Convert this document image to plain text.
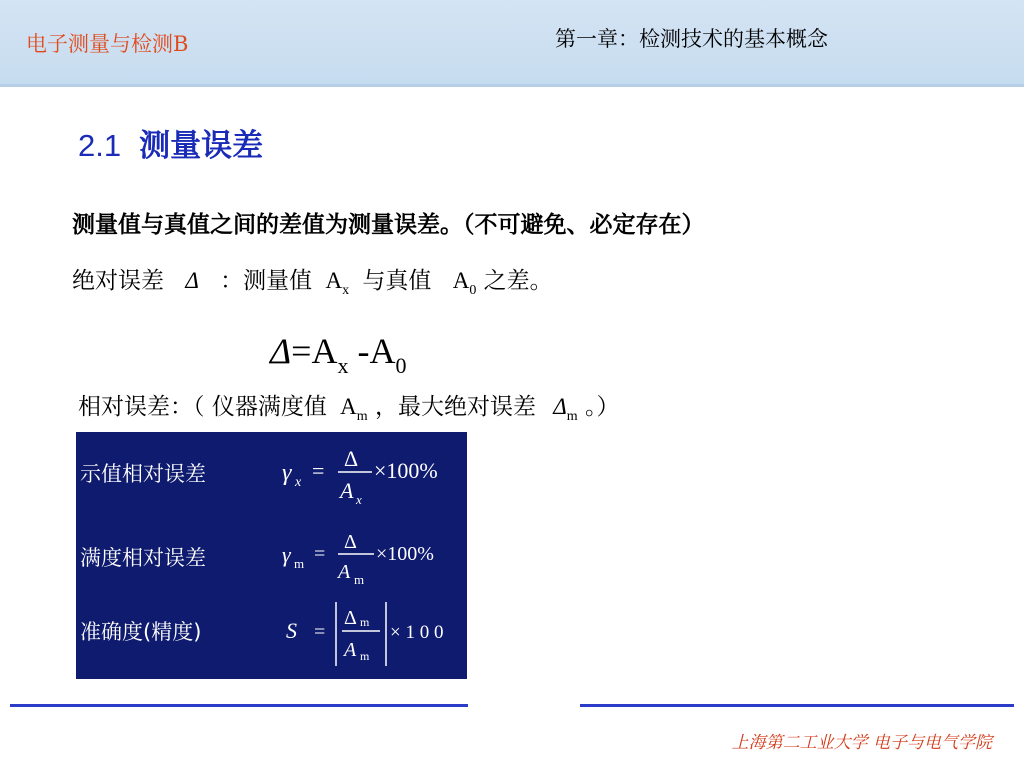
电子测量与检测B	第一章：检测技术的基本概念
2.1 测量误差
测量值与真值之间的差值为测量误差。（不可避免、必定存在）
绝对误差 Δ ：测量值 $A_x$ 与真值 $A_0$ 之差。
$\Delta=A_x$ $-A_0$
相对误差：（ 仪器满度值 $A_m$ ，最大绝对误差 $\Delta_m$ 。）
示值相对误差	γ x = Δ
A x
×100%
满度相对误差	γ m =
Δ
A m
×100%
准确度(精度)	S =
Δ m
A m
× 1 0 0
上海第二工业大学 电子与电气学院
